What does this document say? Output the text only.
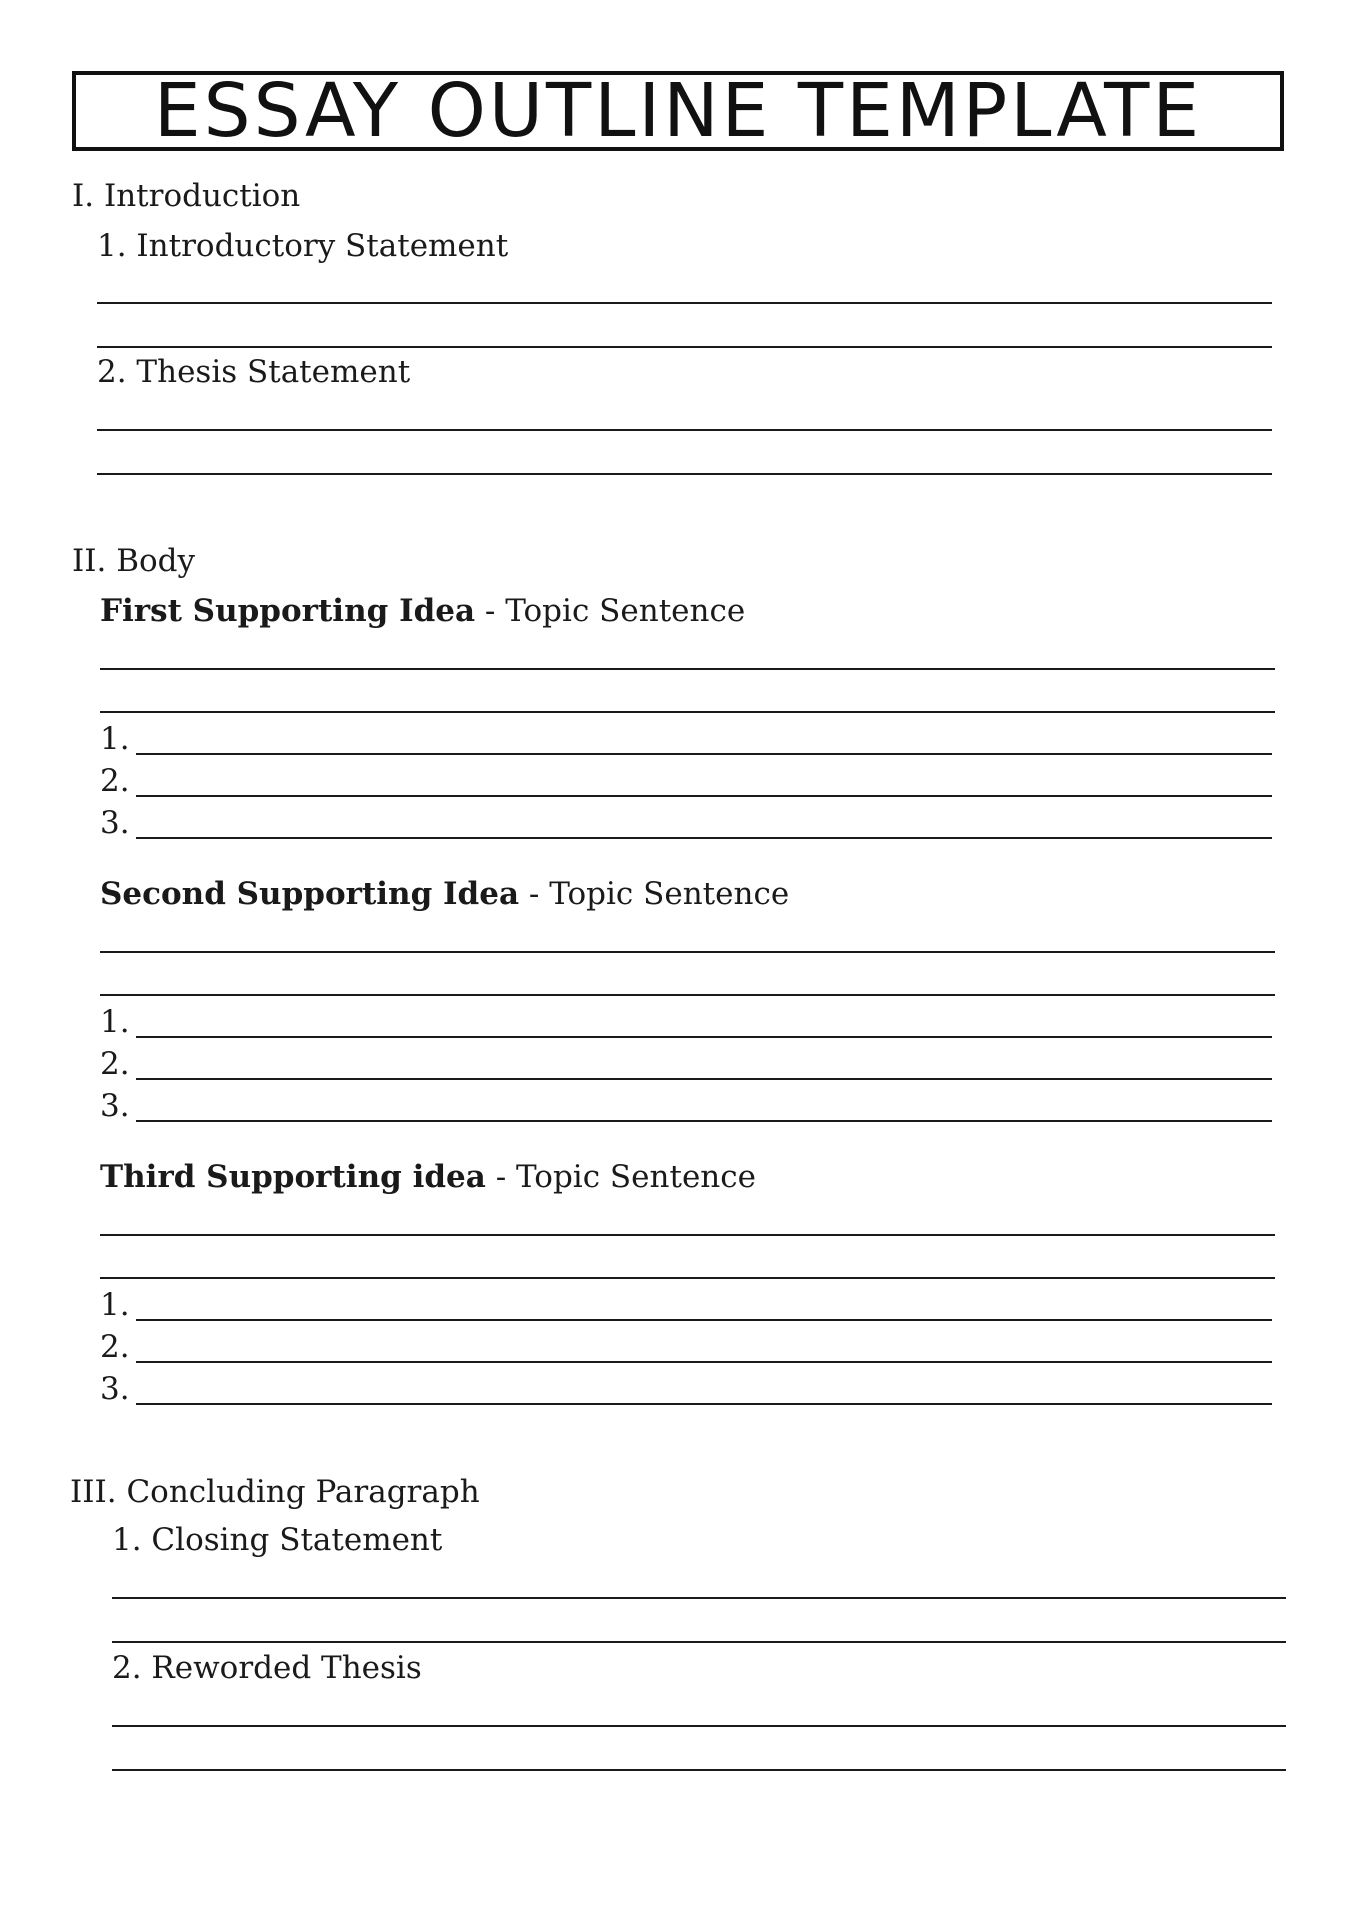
ESSAY OUTLINE TEMPLATE
I. Introduction
1. Introductory Statement
2. Thesis Statement
II. Body
First Supporting Idea - Topic Sentence
1.
2.
3.
Second Supporting Idea - Topic Sentence
1.
2.
3.
Third Supporting idea - Topic Sentence
1.
2.
3.
III. Concluding Paragraph
1. Closing Statement
2. Reworded Thesis
